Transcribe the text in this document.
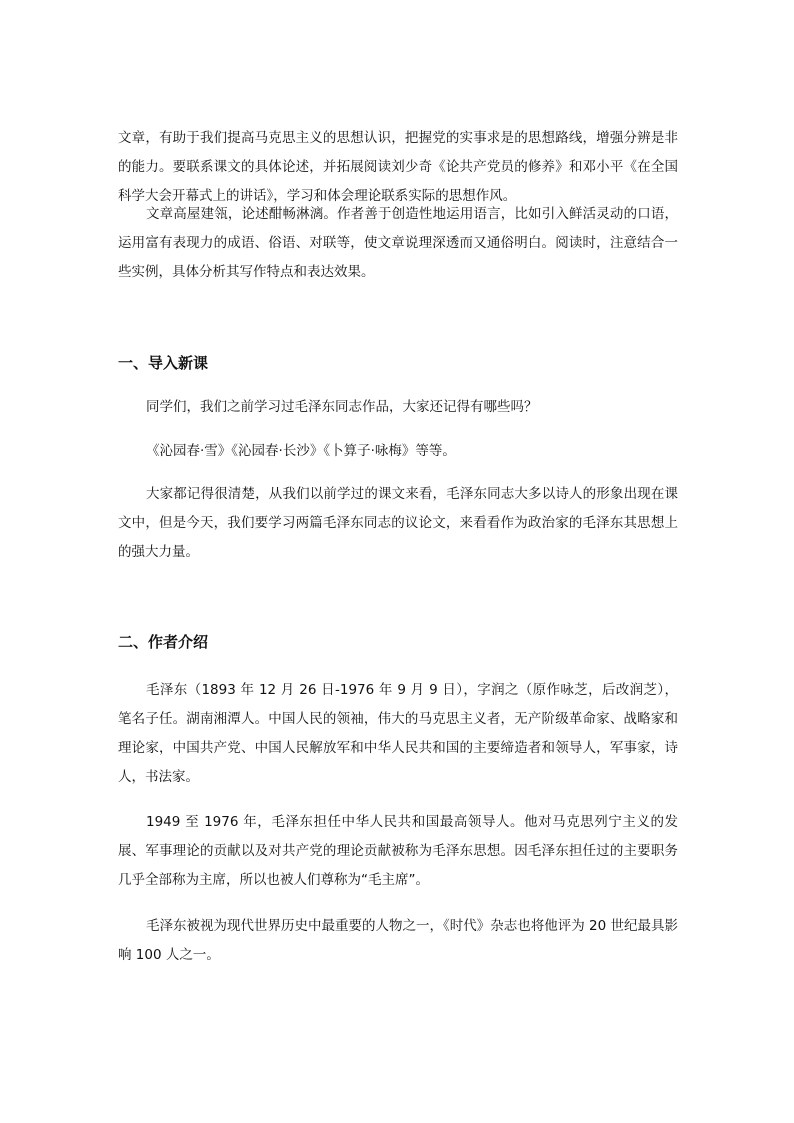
文章，有助于我们提高马克思主义的思想认识，把握党的实事求是的思想路线，增强分辨是非的能力。要联系课文的具体论述，并拓展阅读刘少奇《论共产党员的修养》和邓小平《在全国科学大会开幕式上的讲话》，学习和体会理论联系实际的思想作风。

文章高屋建瓴，论述酣畅淋漓。作者善于创造性地运用语言，比如引入鲜活灵动的口语，运用富有表现力的成语、俗语、对联等，使文章说理深透而又通俗明白。阅读时，注意结合一些实例，具体分析其写作特点和表达效果。

一、导入新课

同学们，我们之前学习过毛泽东同志作品，大家还记得有哪些吗？

《沁园春·雪》《沁园春·长沙》《卜算子·咏梅》等等。

大家都记得很清楚，从我们以前学过的课文来看，毛泽东同志大多以诗人的形象出现在课文中，但是今天，我们要学习两篇毛泽东同志的议论文，来看看作为政治家的毛泽东其思想上的强大力量。

二、作者介绍

毛泽东（1893 年 12 月 26 日-1976 年 9 月 9 日），字润之（原作咏芝，后改润芝），笔名子任。湖南湘潭人。中国人民的领袖，伟大的马克思主义者，无产阶级革命家、战略家和理论家，中国共产党、中国人民解放军和中华人民共和国的主要缔造者和领导人，军事家，诗人，书法家。

1949 至 1976 年，毛泽东担任中华人民共和国最高领导人。他对马克思列宁主义的发展、军事理论的贡献以及对共产党的理论贡献被称为毛泽东思想。因毛泽东担任过的主要职务几乎全部称为主席，所以也被人们尊称为“毛主席”。

毛泽东被视为现代世界历史中最重要的人物之一，《时代》杂志也将他评为 20 世纪最具影响 100 人之一。
